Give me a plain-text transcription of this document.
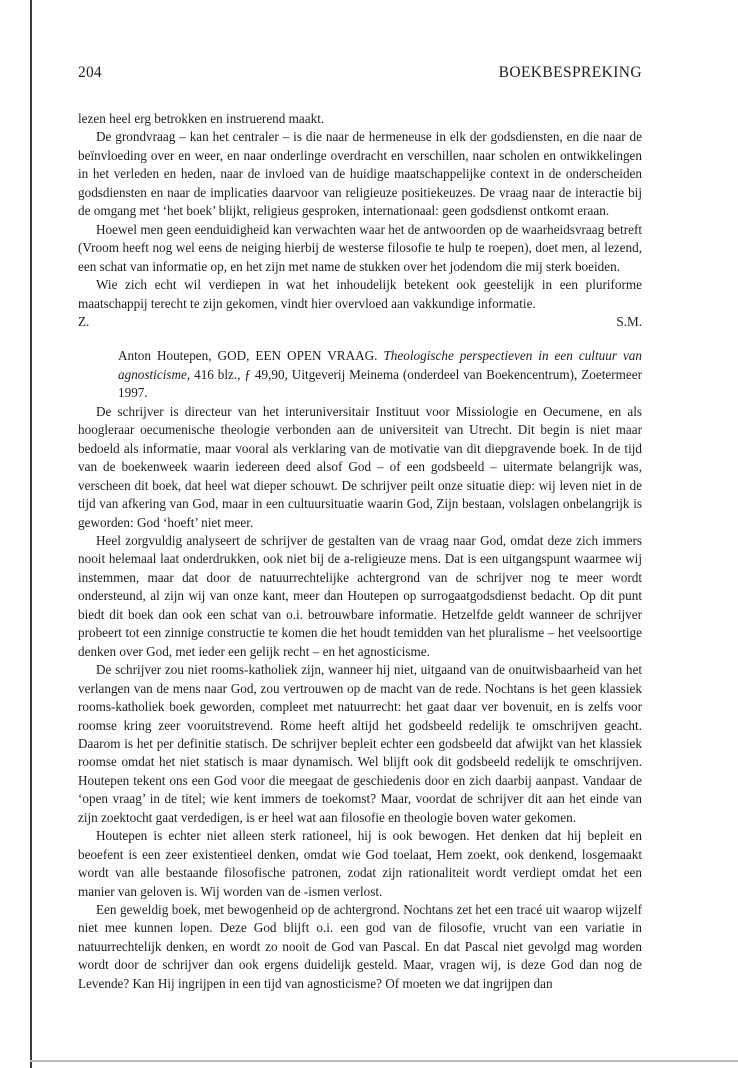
204	BOEKBESPREKING

lezen heel erg betrokken en instruerend maakt.

De grondvraag – kan het centraler – is die naar de hermeneuse in elk der godsdiensten, en die naar de beïnvloeding over en weer, en naar onderlinge overdracht en verschillen, naar scholen en ontwikkelingen in het verleden en heden, naar de invloed van de huidige maatschappelijke context in de onderscheiden godsdiensten en naar de implicaties daarvoor van religieuze positiekeuzes. De vraag naar de interactie bij de omgang met ‘het boek’ blijkt, religieus gesproken, internationaal: geen godsdienst ontkomt eraan.

Hoewel men geen eenduidigheid kan verwachten waar het de antwoorden op de waarheidsvraag betreft (Vroom heeft nog wel eens de neiging hierbij de westerse filosofie te hulp te roepen), doet men, al lezend, een schat van informatie op, en het zijn met name de stukken over het jodendom die mij sterk boeiden.

Wie zich echt wil verdiepen in wat het inhoudelijk betekent ook geestelijk in een pluriforme maatschappij terecht te zijn gekomen, vindt hier overvloed aan vakkundige informatie.

Z.	S.M.
Anton Houtepen, GOD, EEN OPEN VRAAG. Theologische perspectieven in een cultuur van agnosticisme, 416 blz., ƒ 49,90, Uitgeverij Meinema (onderdeel van Boekencentrum), Zoetermeer 1997.

De schrijver is directeur van het interuniversitair Instituut voor Missiologie en Oecumene, en als hoogleraar oecumenische theologie verbonden aan de universiteit van Utrecht. Dit begin is niet maar bedoeld als informatie, maar vooral als verklaring van de motivatie van dit diepgravende boek. In de tijd van de boekenweek waarin iedereen deed alsof God – of een godsbeeld – uitermate belangrijk was, verscheen dit boek, dat heel wat dieper schouwt. De schrijver peilt onze situatie diep: wij leven niet in de tijd van afkering van God, maar in een cultuursituatie waarin God, Zijn bestaan, volslagen onbelangrijk is geworden: God ‘hoeft’ niet meer.

Heel zorgvuldig analyseert de schrijver de gestalten van de vraag naar God, omdat deze zich immers nooit helemaal laat onderdrukken, ook niet bij de a-religieuze mens. Dat is een uitgangspunt waarmee wij instemmen, maar dat door de natuurrechtelijke achtergrond van de schrijver nog te meer wordt ondersteund, al zijn wij van onze kant, meer dan Houtepen op surrogaatgodsdienst bedacht. Op dit punt biedt dit boek dan ook een schat van o.i. betrouwbare informatie. Hetzelfde geldt wanneer de schrijver probeert tot een zinnige constructie te komen die het houdt temidden van het pluralisme – het veelsoortige denken over God, met ieder een gelijk recht – en het agnosticisme.

De schrijver zou niet rooms-katholiek zijn, wanneer hij niet, uitgaand van de onuitwisbaarheid van het verlangen van de mens naar God, zou vertrouwen op de macht van de rede. Nochtans is het geen klassiek rooms-katholiek boek geworden, compleet met natuurrecht: het gaat daar ver bovenuit, en is zelfs voor roomse kring zeer vooruitstrevend. Rome heeft altijd het godsbeeld redelijk te omschrijven geacht. Daarom is het per definitie statisch. De schrijver bepleit echter een godsbeeld dat afwijkt van het klassiek roomse omdat het niet statisch is maar dynamisch. Wel blijft ook dit godsbeeld redelijk te omschrijven. Houtepen tekent ons een God voor die meegaat de geschiedenis door en zich daarbij aanpast. Vandaar de ‘open vraag’ in de titel; wie kent immers de toekomst? Maar, voordat de schrijver dit aan het einde van zijn zoektocht gaat verdedigen, is er heel wat aan filosofie en theologie boven water gekomen.

Houtepen is echter niet alleen sterk rationeel, hij is ook bewogen. Het denken dat hij bepleit en beoefent is een zeer existentieel denken, omdat wie God toelaat, Hem zoekt, ook denkend, losgemaakt wordt van alle bestaande filosofische patronen, zodat zijn rationaliteit wordt verdiept omdat het een manier van geloven is. Wij worden van de -ismen verlost.

Een geweldig boek, met bewogenheid op de achtergrond. Nochtans zet het een tracé uit waarop wijzelf niet mee kunnen lopen. Deze God blijft o.i. een god van de filosofie, vrucht van een variatie in natuurrechtelijk denken, en wordt zo nooit de God van Pascal. En dat Pascal niet gevolgd mag worden wordt door de schrijver dan ook ergens duidelijk gesteld. Maar, vragen wij, is deze God dan nog de Levende? Kan Hij ingrijpen in een tijd van agnosticisme? Of moeten we dat ingrijpen dan
